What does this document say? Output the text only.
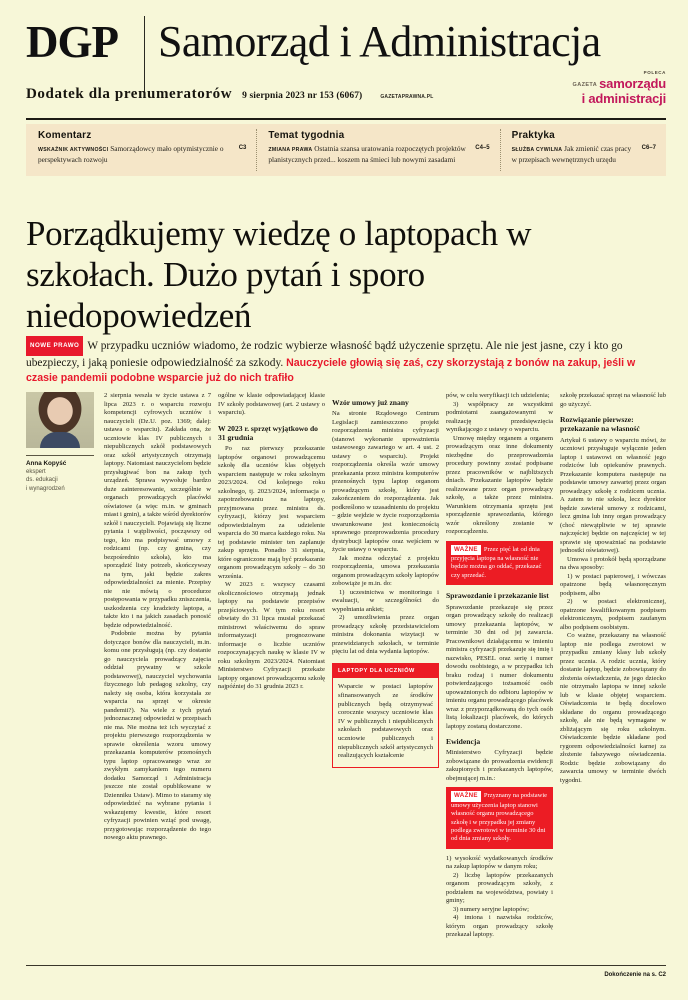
DGP Samorząd i Administracja
Dodatek dla prenumeratorów 9 sierpnia 2023 nr 153 (6067)	GAZETAPRAWNA.PL
POLECA
GAZETA samorządu
i administracji
Komentarz
C3
WSKAŹNIK AKTYWNOŚCI Samorządowcy mało optymistycznie o perspektywach rozwoju
Temat tygodnia
C4–5
ZMIANA PRAWA Ostatnia szansa uratowania rozpoczętych projektów planistycznych przed... koszem na śmieci lub nowymi zasadami
Praktyka
C6–7
SŁUŻBA CYWILNA Jak zmienić czas pracy w przepisach wewnętrznych urzędu
Porządkujemy wiedzę o laptopach w szkołach. Dużo pytań i sporo niedopowiedzeń
NOWE PRAWO W przypadku uczniów wiadomo, że rodzic wybierze własność bądź użyczenie sprzętu. Ale nie jest jasne, czy i kto go ubezpieczy, i jaką poniesie odpowiedzialność za szkody. Nauczyciele głowią się zaś, czy skorzystają z bonów na zakup, jeśli w czasie pandemii podobne wsparcie już do nich trafiło
Anna Kopyść
ekspert
ds. edukacji
i wynagrodzeń

2 sierpnia weszła w życie ustawa z 7 lipca 2023 r. o wsparciu rozwoju kompetencji cyfrowych uczniów i nauczycieli (Dz.U. poz. 1369; dalej: ustawa o wsparciu). Zakłada ona, że uczniowie klas IV publicznych i niepublicznych szkół podstawowych oraz szkół artystycznych otrzymają laptopy. Natomiast nauczycielom będzie przysługiwać bon na zakup tych urządzeń. Sprawa wywołuje bardzo duże zainteresowanie, szczególnie w organach prowadzących placówki oświatowe (a więc m.in. w gminach miast i gmin), a także wśród dyrektorów szkół i nauczycieli. Pojawiają się liczne pytania i wątpliwości, począwszy od tego, kto ma podpisywać umowy z rodzicami (np. czy gmina, czy bezpośrednio szkoła), kto ma sporządzić listy potrzeb, skończywszy na tym, jaki będzie zakres odpowiedzialności za mienie. Przepisy nie nie mówią o procedurze postępowania w przypadku zniszczenia, uszkodzenia czy kradzieży laptopa, a także kto i na jakich zasadach ponosić będzie odpowiedzialność.

Podobnie można by pytania dotyczące bonów dla nauczycieli, m.in. komu one przysługują (np. czy dostanie go nauczyciela prowadzący zajęcia oddział prywatny w szkole podstawowej), nauczyciel wychowania fizycznego lub pedagog szkolny, czy należy się osoba, która korzystała ze wsparcia na sprzęt w okresie pandemii?). Na wiele z tych pytań jednoznacznej odpowiedzi w przepisach nie ma. Nie można też ich wyczytać z projektu pierwszego rozporządzenia w sprawie określenia wzoru umowy przekazania komputerów przenośnych typu laptop opracowanego wraz ze zwykłym zamykaniem tego numeru dodatku Samorząd i Administracja jeszcze nie został opublikowane w Dzienniku Ustaw). Mimo to staramy się odpowiedzieć na wybrane pytania i wskazujemy kwestie, które resort cyfryzacji powinien wziąć pod uwagę, przygotowując rozporządzenie do tego nowego aktu prawnego.

ogólne w klasie odpowiadającej klasie IV szkoły podstawowej (art. 2 ustawy o wsparciu).

W 2023 r. sprzęt wyjątkowo do 31 grudnia

Po raz pierwszy przekazanie laptopów organowi prowadzącemu szkołę dla uczniów klas objętych wsparciem następuje w roku szkolnym 2023/2024. Od kolejnego roku szkolnego, tj. 2023/2024, informacja o zapotrzebowaniu na laptopy, przyjmowana przez ministra ds. cyfryzacji, którzy jest wsparciem odpowiedzialnym za udzielenie wsparcia do 30 marca każdego roku. Na tej podstawie minister ten zaplanuje zakup sprzętu. Ponadto 31 sierpnia, które ograniczone mają być przekazanie organom prowadzącym szkoły – do 30 września.

W 2023 r. wszyscy czasami okolicznościowo otrzymają jednak laptopy na podstawie przepisów przejściowych. W tym roku resort obwiaty do 31 lipca musiał przekazać ministrowi właściwemu do spraw informatyzacji prognozowane informacje o liczbie uczniów rozpoczynających naukę w klasie IV w roku szkolnym 2023/2024. Natomiast Ministerstwo Cyfryzacji przekaże laptopy organowi prowadzącemu szkołę najpóźniej do 31 grudnia 2023 r.

Wzór umowy już znany

Na stronie Rządowego Centrum Legislacji zamieszczono projekt rozporządzenia ministra cyfryzacji (stanowi wykonanie upoważnienia ustawowego zawartego w art. 4 ust. 2 ustawy o wsparciu). Projekt rozporządzenia określa wzór umowy przekazania przez ministra komputerów przenośnych typu laptop organom prowadzącym szkołę, który jest zakończeniem do rozporządzenia. Jak podkreślono w uzasadnieniu do projektu – gdzie wejdzie w życie rozporządzenia uwarunkowane jest koniecznością sprawnego przeprowadzenia procedury dystrybucji laptopów oraz wejściem w życie ustawy o wsparciu.

Jak można odczytać z projektu rozporządzenia, umowa przekazania organom prowadzącym szkoły laptopów zobowiąże je m.in. do:

1) uczestnictwa w monitoringu i ewaluacji, w szczególności do wypełniania ankiet;

2) umożliwienia przez organ prowadzący szkołę przedstawicielom ministra dokonania wizytacji w przewidzianych szkołach, w terminie pięciu lat od dnia wydania laptopów.

LAPTOPY DLA UCZNIÓW

Wsparcie w postaci laptopów sfinansowanych ze środków publicznych będą otrzymywać corocznie wszyscy uczniowie klas IV w publicznych i niepublicznych szkołach podstawowych oraz uczniowie publicznych i niepublicznych szkół artystycznych realizujących kształcenie

pów, w celu weryfikacji ich udzielenia;

3) współpracy ze wszystkimi podmiotami zaangażowanymi w realizację przedsięwzięcia wynikającego z ustawy o wsparciu.

Umowę między organem a organem prowadzącym oraz inne dokumenty niezbędne do przeprowadzenia procedury powinny zostać podpisane przez pracowników w najbliższych dniach. Przekazanie laptopów będzie realizowane przez organ prowadzący szkołę, a także przez ministra. Warunkiem otrzymania sprzętu jest sporządzenie sprawozdania, którego wzór określony zostanie w rozporządzeniu.

WAŻNE Przez pięć lat od dnia przyjęcia laptopa na własność nie będzie można go oddać, przekazać czy sprzedać.
Sprawozdanie i przekazanie list

Sprawozdanie przekazuje się przez organ prowadzący szkołę do realizacji umowy przekazania laptopów, w terminie 30 dni od jej zawarcia. Pracownikowi działającemu w imieniu ministra cyfryzacji przekazuje się imię i nazwisko, PESEL oraz serię i numer dowodu osobistego, a w przypadku ich braku rodzaj i numer dokumentu potwierdzającego tożsamość osób upoważnionych do odbioru laptopów w imieniu organu prowadzącego placówek wraz z przyporządkowaną do tych osób listą lokalizacji placówek, do których laptopy zostaną dostarczone.

Ewidencja

Ministerstwo Cyfryzacji będzie zobowiązane do prowadzenia ewidencji zakupionych i przekazanych laptopów, obejmującej m.in.:

WAŻNE Przyznany na podstawie umowy użyczenia laptop stanowi własność organu prowadzącego szkołę i w przypadku jej zmiany podlega zwrotowi w terminie 30 dni od dnia zmiany szkoły.

1) wysokość wydatkowanych środków na zakup laptopów w danym roku;

2) liczbę laptopów przekazanych organom prowadzącym szkoły, z podziałem na województwa, powiaty i gminy;

3) numery seryjne laptopów;

4) imiona i nazwiska rodziców, którym organ prowadzący szkołę przekazał laptopy.

szkołę przekazać sprzęt na własność lub go użyczyć.

Rozwiązanie pierwsze: przekazanie na własność

Artykuł 6 ustawy o wsparciu mówi, że uczniowi przysługuje wyłącznie jeden laptop i ustawowi on własność jego rodziców lub opiekunów prawnych. Przekazanie komputera następuje na podstawie umowy zawartej przez organ prowadzący szkołę z rodzicem ucznia. A zatem to nie szkoła, lecz dyrektor będzie zawierał umowy z rodzicami, lecz gmina lub inny organ prowadzący (choć niewątpliwie w tej sprawie najczęściej będzie on najczęściej w tej sprawie się upoważniać na podstawie jednostki oświatowej).

Umowa i protokół będą sporządzane na dwa sposoby:

1) w postaci papierowej, i wówczas opatrzone będą własnoręcznym podpisem, albo

2) w postaci elektronicznej, opatrzone kwalifikowanym podpisem elektronicznym, podpisem zaufanym albo podpisem osobistym.

Co ważne, przekazany na własność laptop nie podlega zwrotowi w przypadku zmiany klasy lub szkoły przez ucznia. A rodzic ucznia, który dostanie laptop, będzie zobowiązany do złożenia oświadczenia, że jego dziecko nie otrzymało laptopa w innej szkole lub w klasie objętej wsparciem. Oświadczenia te będą docelowo składane do organu prowadzącego szkołę, ale nie będą wymagane w zbliżającym się roku szkolnym. Oświadczenie będzie składane pod rygorem odpowiedzialności karnej za złożenie fałszywego oświadczenia. Rodzic będzie zobowiązany do zawarcia umowy w terminie dwóch tygodni.

Dokończenie na s. C2
